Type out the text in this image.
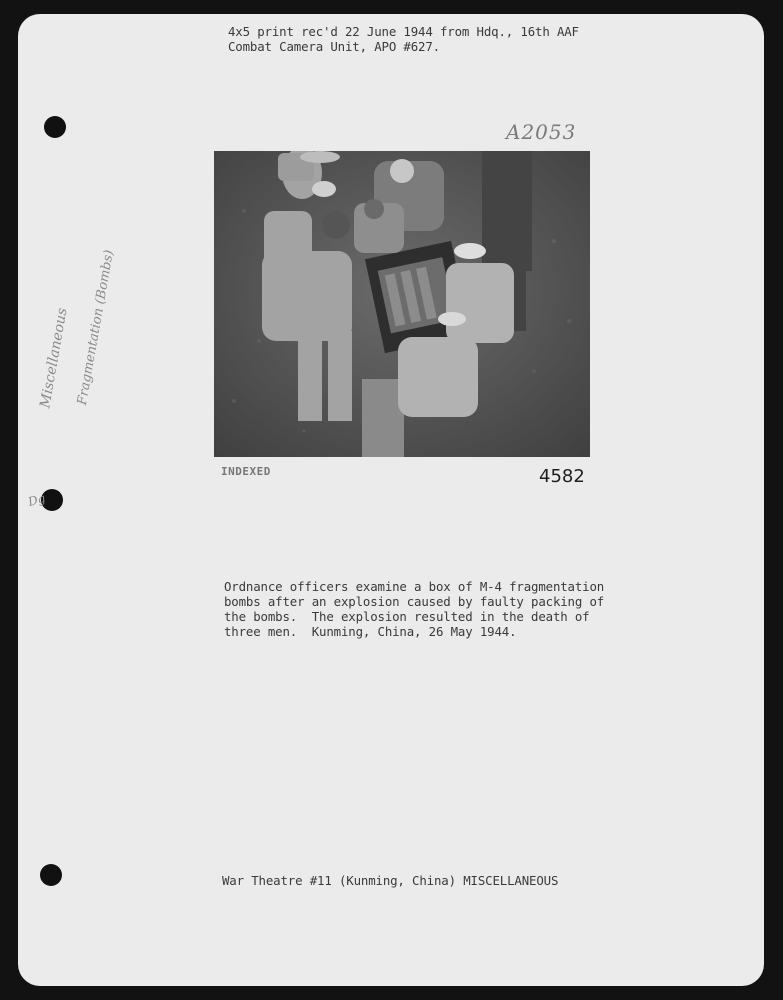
4x5 print rec'd 22 June 1944 from Hdq., 16th AAF
Combat Camera Unit, APO #627.
A2053
Miscellaneous Fragmentation (Bombs)
Dg
INDEXED	4582
Ordnance officers examine a box of M-4 fragmentation
bombs after an explosion caused by faulty packing of
the bombs.  The explosion resulted in the death of
three men.  Kunming, China, 26 May 1944.
War Theatre #11 (Kunming, China) MISCELLANEOUS
